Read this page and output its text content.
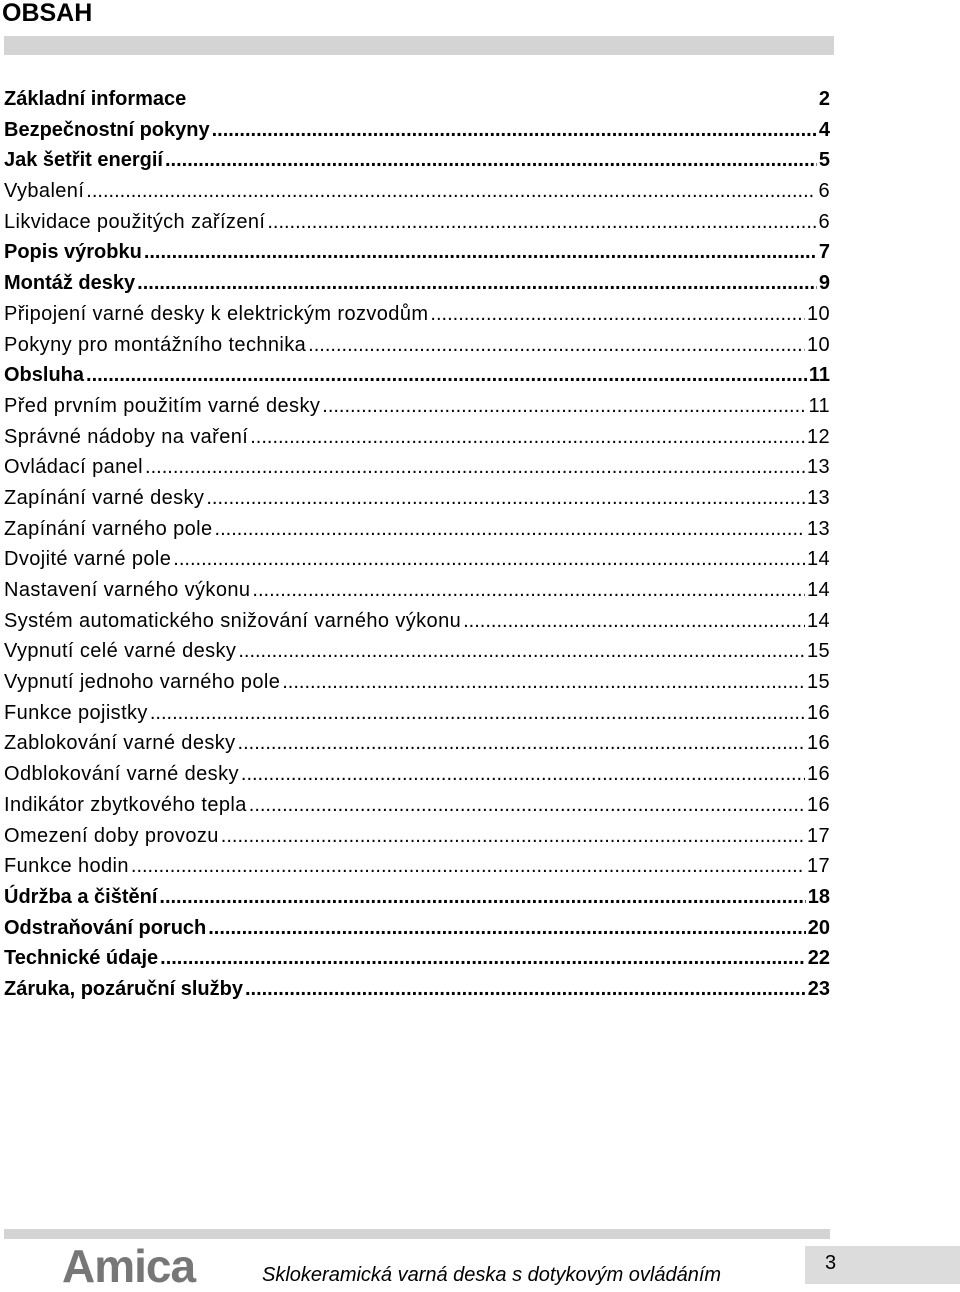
OBSAH
Základní informace	2
Bezpečnostní pokyny .....	4
Jak šetřit energií .....	5
Vybalení .....	6
Likvidace použitých zařízení .....	6
Popis výrobku .....	7
Montáž desky .....	9
Připojení varné desky k elektrickým rozvodům .....	10
Pokyny pro montážního technika .....	10
Obsluha .....	11
Před prvním použitím varné desky .....	11
Správné nádoby na vaření .....	12
Ovládací panel .....	13
Zapínání varné desky .....	13
Zapínání varného pole .....	13
Dvojité varné pole .....	14
Nastavení varného výkonu .....	14
Systém automatického snižování varného výkonu .....	14
Vypnutí celé varné desky .....	15
Vypnutí jednoho varného pole .....	15
Funkce pojistky .....	16
Zablokování varné desky .....	16
Odblokování varné desky .....	16
Indikátor zbytkového tepla .....	16
Omezení doby provozu .....	17
Funkce hodin .....	17
Údržba a čištění .....	18
Odstraňování poruch .....	20
Technické údaje .....	22
Záruka, pozáruční služby .....	23
Amica	Sklokeramická varná deska s dotykovým ovládáním
3
